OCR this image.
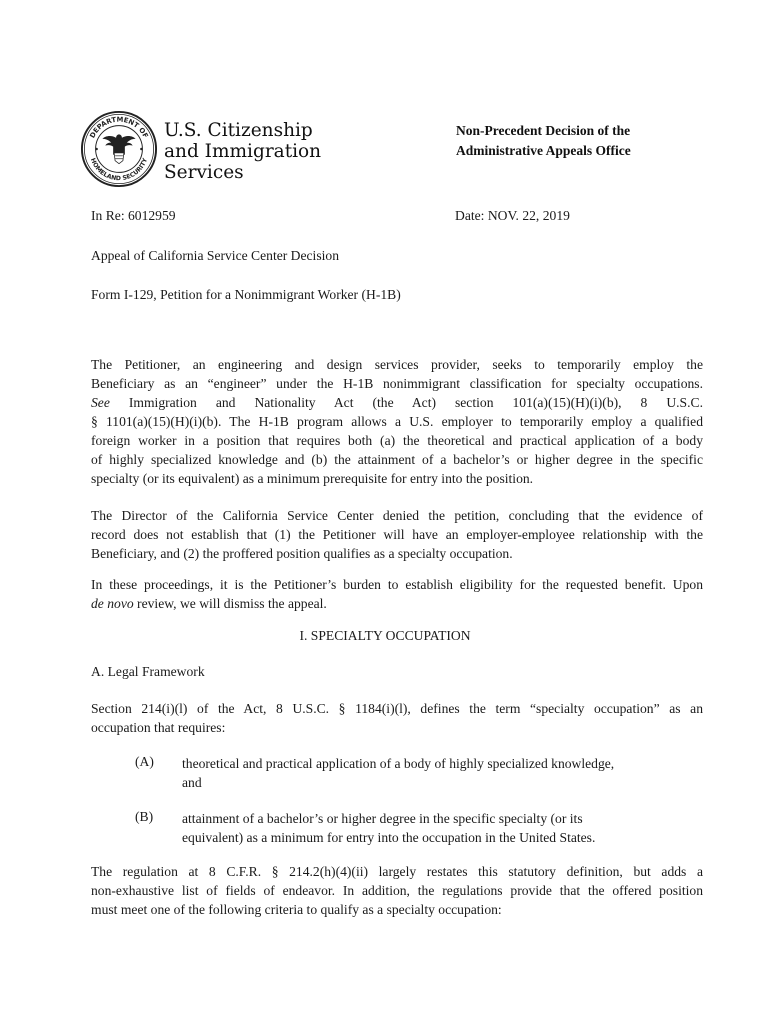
DEPARTMENT OF
HOMELAND SECURITY
U.S. Citizenship
and Immigration
Services
Non-Precedent Decision of the
Administrative Appeals Office
In Re: 6012959	Date: NOV. 22, 2019
Appeal of California Service Center Decision
Form I-129, Petition for a Nonimmigrant Worker (H-1B)
The Petitioner, an engineering and design services provider, seeks to temporarily employ the
Beneficiary as an “engineer” under the H-1B nonimmigrant classification for specialty occupations.
See Immigration and Nationality Act (the Act) section 101(a)(15)(H)(i)(b), 8 U.S.C.
§ 1101(a)(15)(H)(i)(b). The H-1B program allows a U.S. employer to temporarily employ a qualified
foreign worker in a position that requires both (a) the theoretical and practical application of a body
of highly specialized knowledge and (b) the attainment of a bachelor’s or higher degree in the specific
specialty (or its equivalent) as a minimum prerequisite for entry into the position.
The Director of the California Service Center denied the petition, concluding that the evidence of
record does not establish that (1) the Petitioner will have an employer-employee relationship with the
Beneficiary, and (2) the proffered position qualifies as a specialty occupation.
In these proceedings, it is the Petitioner’s burden to establish eligibility for the requested benefit. Upon
de novo review, we will dismiss the appeal.
I. SPECIALTY OCCUPATION
A. Legal Framework
Section 214(i)(l) of the Act, 8 U.S.C. § 1184(i)(l), defines the term “specialty occupation” as an
occupation that requires:
(A) theoretical and practical application of a body of highly specialized knowledge,
and
(B) attainment of a bachelor’s or higher degree in the specific specialty (or its
equivalent) as a minimum for entry into the occupation in the United States.
The regulation at 8 C.F.R. § 214.2(h)(4)(ii) largely restates this statutory definition, but adds a
non-exhaustive list of fields of endeavor. In addition, the regulations provide that the offered position
must meet one of the following criteria to qualify as a specialty occupation:
